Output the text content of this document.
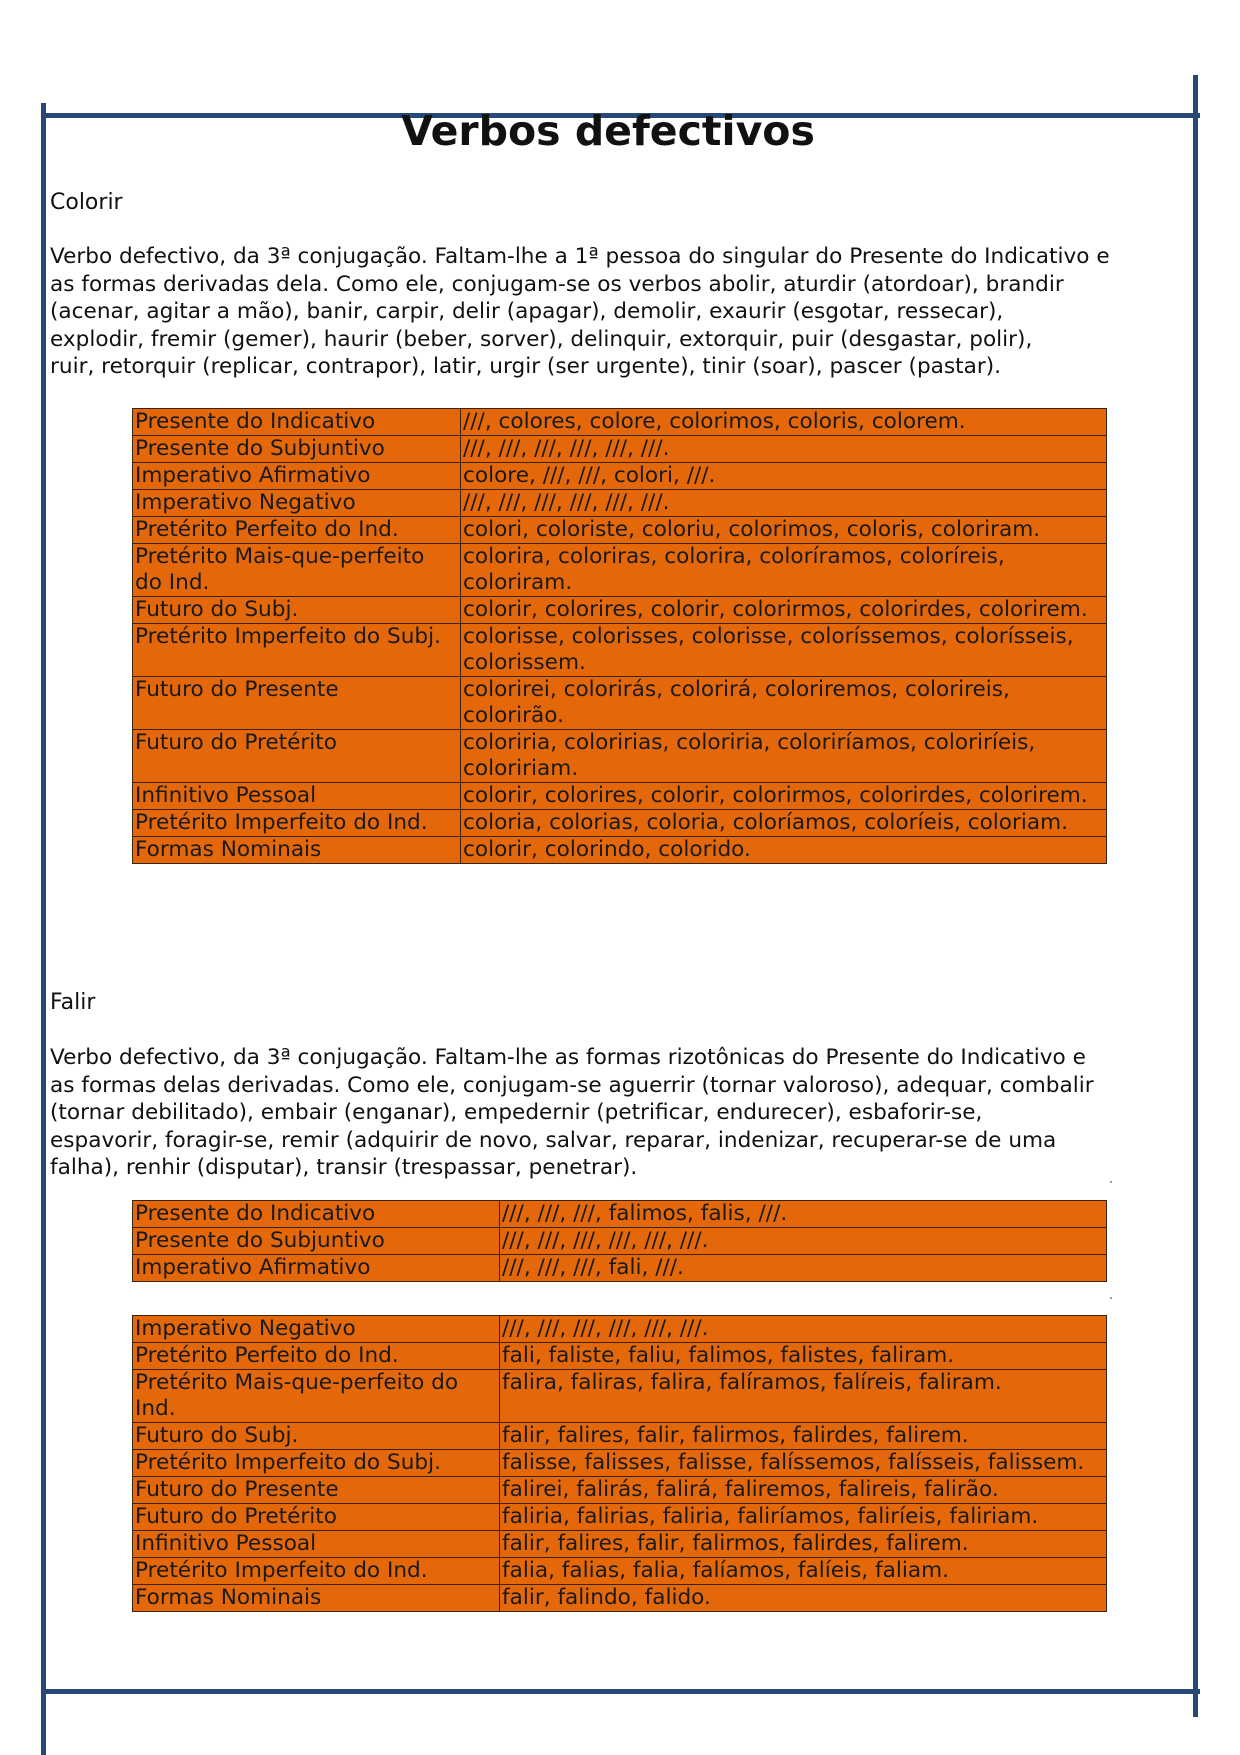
Verbos defectivos

Colorir

Verbo defectivo, da 3ª conjugação. Faltam-lhe a 1ª pessoa do singular do Presente do Indicativo e
as formas derivadas dela. Como ele, conjugam-se os verbos abolir, aturdir (atordoar), brandir
(acenar, agitar a mão), banir, carpir, delir (apagar), demolir, exaurir (esgotar, ressecar),
explodir, fremir (gemer), haurir (beber, sorver), delinquir, extorquir, puir (desgastar, polir),
ruir, retorquir (replicar, contrapor), latir, urgir (ser urgente), tinir (soar), pascer (pastar).

Presente do Indicativo	///, colores, colore, colorimos, coloris, colorem.
Presente do Subjuntivo	///, ///, ///, ///, ///, ///.
Imperativo Afirmativo	colore, ///, ///, colori, ///.
Imperativo Negativo	///, ///, ///, ///, ///, ///.
Pretérito Perfeito do Ind.	colori, coloriste, coloriu, colorimos, coloris, coloriram.
Pretérito Mais-que-perfeito do Ind.	colorira, coloriras, colorira, coloríramos, coloríreis, coloriram.
Futuro do Subj.	colorir, colorires, colorir, colorirmos, colorirdes, colorirem.
Pretérito Imperfeito do Subj.	colorisse, colorisses, colorisse, coloríssemos, colorísseis, colorissem.
Futuro do Presente	colorirei, colorirás, colorirá, coloriremos, colorireis, colorirão.
Futuro do Pretérito	coloriria, coloririas, coloriria, coloriríamos, coloriríeis, coloririam.
Infinitivo Pessoal	colorir, colorires, colorir, colorirmos, colorirdes, colorirem.
Pretérito Imperfeito do Ind.	coloria, colorias, coloria, coloríamos, coloríeis, coloriam.
Formas Nominais	colorir, colorindo, colorido.

Falir

Verbo defectivo, da 3ª conjugação. Faltam-lhe as formas rizotônicas do Presente do Indicativo e
as formas delas derivadas. Como ele, conjugam-se aguerrir (tornar valoroso), adequar, combalir
(tornar debilitado), embair (enganar), empedernir (petrificar, endurecer), esbaforir-se,
espavorir, foragir-se, remir (adquirir de novo, salvar, reparar, indenizar, recuperar-se de uma
falha), renhir (disputar), transir (trespassar, penetrar).

Presente do Indicativo	///, ///, ///, falimos, falis, ///.
Presente do Subjuntivo	///, ///, ///, ///, ///, ///.
Imperativo Afirmativo	///, ///, ///, fali, ///.
Imperativo Negativo	///, ///, ///, ///, ///, ///.
Pretérito Perfeito do Ind.	fali, faliste, faliu, falimos, falistes, faliram.
Pretérito Mais-que-perfeito do Ind.	falira, faliras, falira, falíramos, falíreis, faliram.
Futuro do Subj.	falir, falires, falir, falirmos, falirdes, falirem.
Pretérito Imperfeito do Subj.	falisse, falisses, falisse, falíssemos, falísseis, falissem.
Futuro do Presente	falirei, falirás, falirá, faliremos, falireis, falirão.
Futuro do Pretérito	faliria, falirias, faliria, faliríamos, faliríeis, faliriam.
Infinitivo Pessoal	falir, falires, falir, falirmos, falirdes, falirem.
Pretérito Imperfeito do Ind.	falia, falias, falia, falíamos, falíeis, faliam.
Formas Nominais	falir, falindo, falido.
